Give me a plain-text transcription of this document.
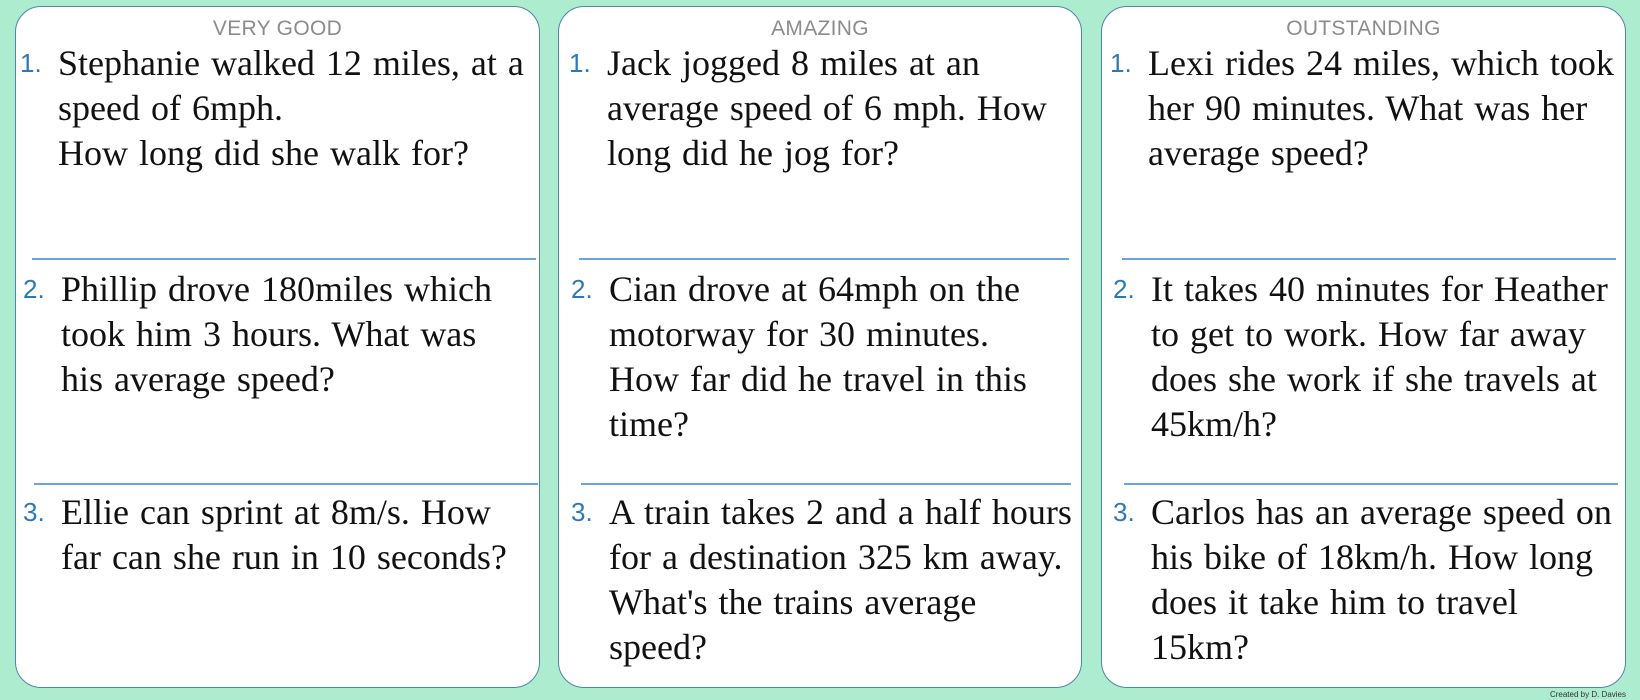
VERY GOOD
1. Stephanie walked 12 miles, at a speed of 6mph.
How long did she walk for?
2. Phillip drove 180miles which took him 3 hours. What was his average speed?
3. Ellie can sprint at 8m/s. How far can she run in 10 seconds?
AMAZING
1. Jack jogged 8 miles at an average speed of 6 mph. How long did he jog for?
2. Cian drove at 64mph on the motorway for 30 minutes. How far did he travel in this time?
3. A train takes 2 and a half hours for a destination 325 km away. What's the trains average speed?
OUTSTANDING
1. Lexi rides 24 miles, which took her 90 minutes. What was her average speed?
2. It takes 40 minutes for Heather to get to work. How far away does she work if she travels at 45km/h?
3. Carlos has an average speed on his bike of 18km/h. How long does it take him to travel 15km?
Created by D. Davies
